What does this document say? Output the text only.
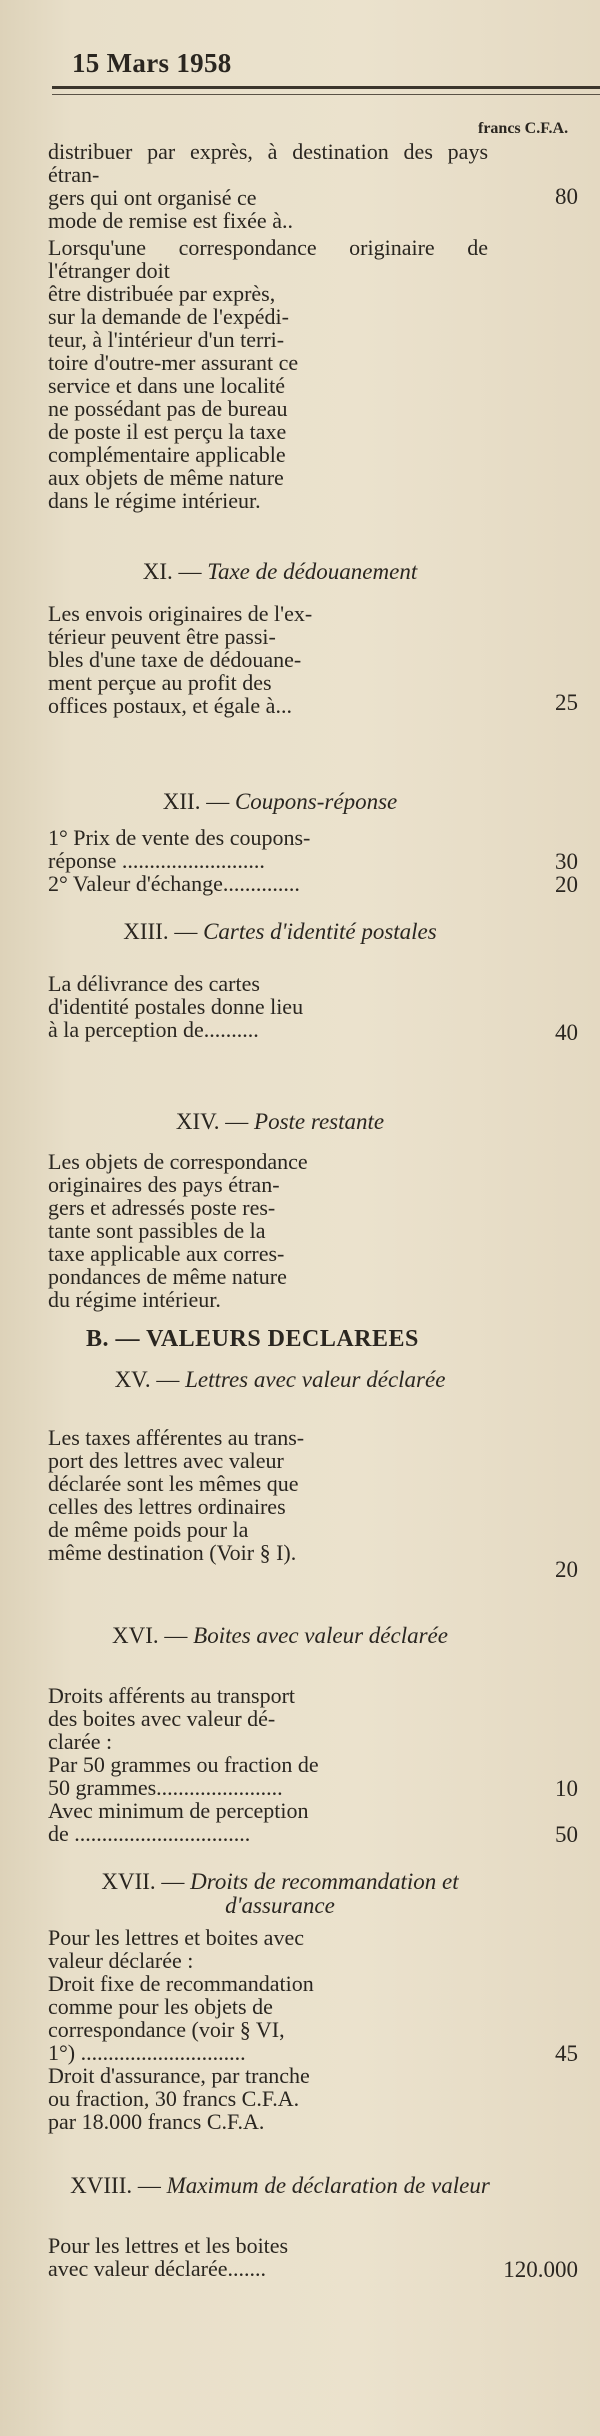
15 Mars 1958
francs C.F.A.

distribuer par exprès, à destination des pays étran-

gers qui ont organisé ce

mode de remise est fixée à..

Lorsqu'une correspondance originaire de l'étranger doit

être distribuée par exprès,

sur la demande de l'expédi-

teur, à l'intérieur d'un terri-

toire d'outre-mer assurant ce

service et dans une localité

ne possédant pas de bureau

de poste il est perçu la taxe

complémentaire applicable

aux objets de même nature

dans le régime intérieur.

XI. — Taxe de dédouanement

Les envois originaires de l'ex-

térieur peuvent être passi-

bles d'une taxe de dédouane-

ment perçue au profit des

offices postaux, et égale à...

XII. — Coupons-réponse

1° Prix de vente des coupons-

réponse ..........................

2° Valeur d'échange..............

XIII. — Cartes d'identité postales

La délivrance des cartes

d'identité postales donne lieu

à la perception de..........

XIV. — Poste restante

Les objets de correspondance

originaires des pays étran-

gers et adressés poste res-

tante sont passibles de la

taxe applicable aux corres-

pondances de même nature

du régime intérieur.

B. — VALEURS DECLAREES
XV. — Lettres avec valeur déclarée

Les taxes afférentes au trans-

port des lettres avec valeur

déclarée sont les mêmes que

celles des lettres ordinaires

de même poids pour la

même destination (Voir § I).

XVI. — Boites avec valeur déclarée

Droits afférents au transport

des boites avec valeur dé-

clarée :

Par 50 grammes ou fraction de

50 grammes.......................

Avec minimum de perception

de ................................

XVII. — Droits de recommandation et d'assurance

Pour les lettres et boites avec

valeur déclarée :

Droit fixe de recommandation

comme pour les objets de

correspondance (voir § VI,

1°) ..............................

Droit d'assurance, par tranche

ou fraction, 30 francs C.F.A.

par 18.000 francs C.F.A.

XVIII. — Maximum de déclaration de valeur

Pour les lettres et les boites

avec valeur déclarée.......

80
25
30
20
40
20
10
50
45
120.000
